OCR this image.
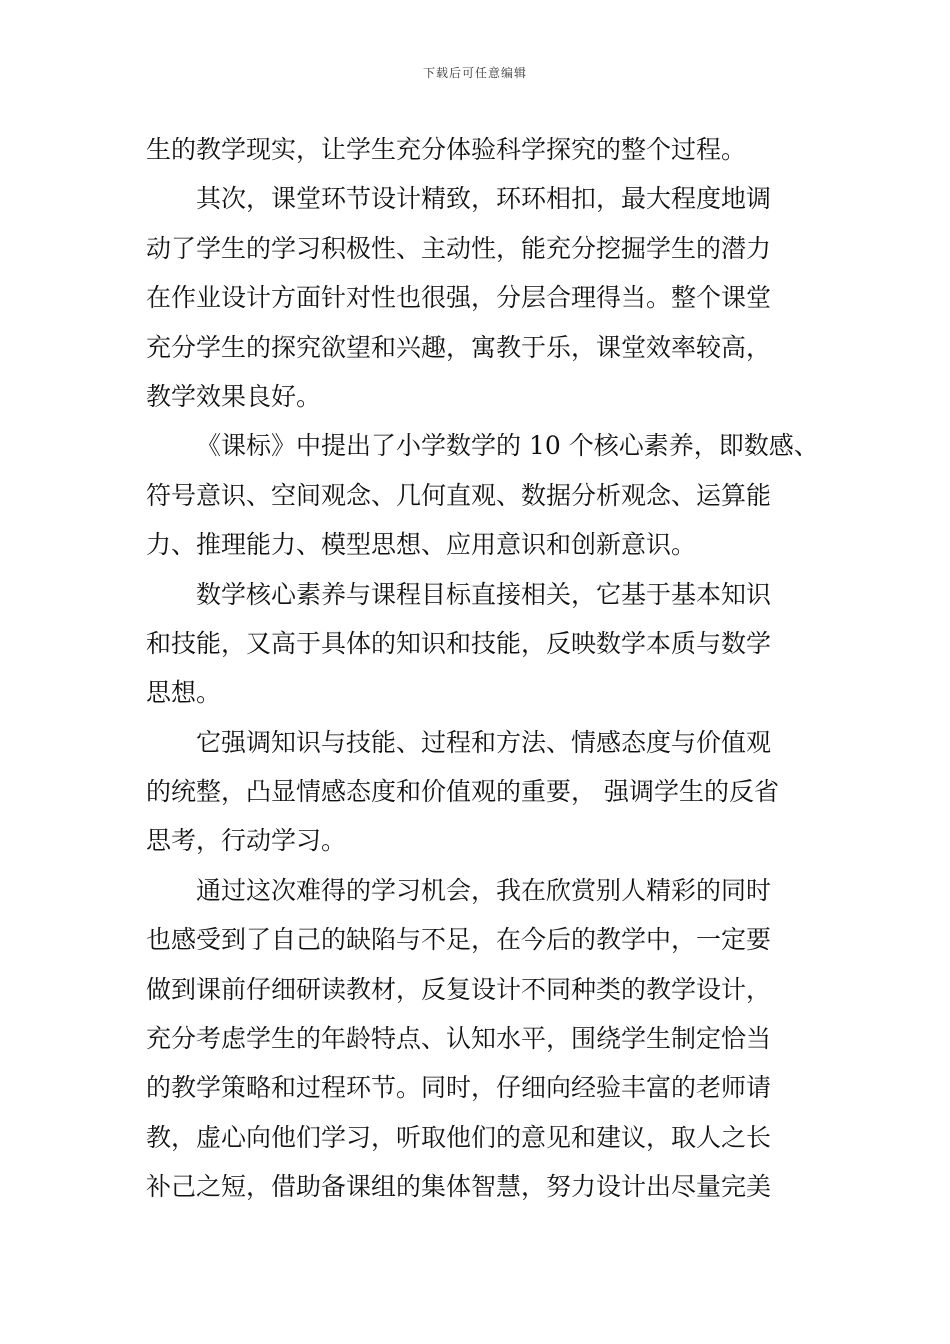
下载后可任意编辑
生的教学现实，让学生充分体验科学探究的整个过程。
其次，课堂环节设计精致，环环相扣，最大程度地调
动了学生的学习积极性、主动性，能充分挖掘学生的潜力
在作业设计方面针对性也很强，分层合理得当。整个课堂
充分学生的探究欲望和兴趣，寓教于乐，课堂效率较高，
教学效果良好。
《课标》中提出了小学数学的 10 个核心素养，即数感、
符号意识、空间观念、几何直观、数据分析观念、运算能
力、推理能力、模型思想、应用意识和创新意识。
数学核心素养与课程目标直接相关，它基于基本知识
和技能，又高于具体的知识和技能，反映数学本质与数学
思想。
它强调知识与技能、过程和方法、情感态度与价值观
的统整，凸显情感态度和价值观的重要， 强调学生的反省
思考，行动学习。
通过这次难得的学习机会，我在欣赏别人精彩的同时
也感受到了自己的缺陷与不足，在今后的教学中，一定要
做到课前仔细研读教材，反复设计不同种类的教学设计，
充分考虑学生的年龄特点、认知水平，围绕学生制定恰当
的教学策略和过程环节。同时，仔细向经验丰富的老师请
教，虚心向他们学习，听取他们的意见和建议，取人之长
补己之短，借助备课组的集体智慧，努力设计出尽量完美
